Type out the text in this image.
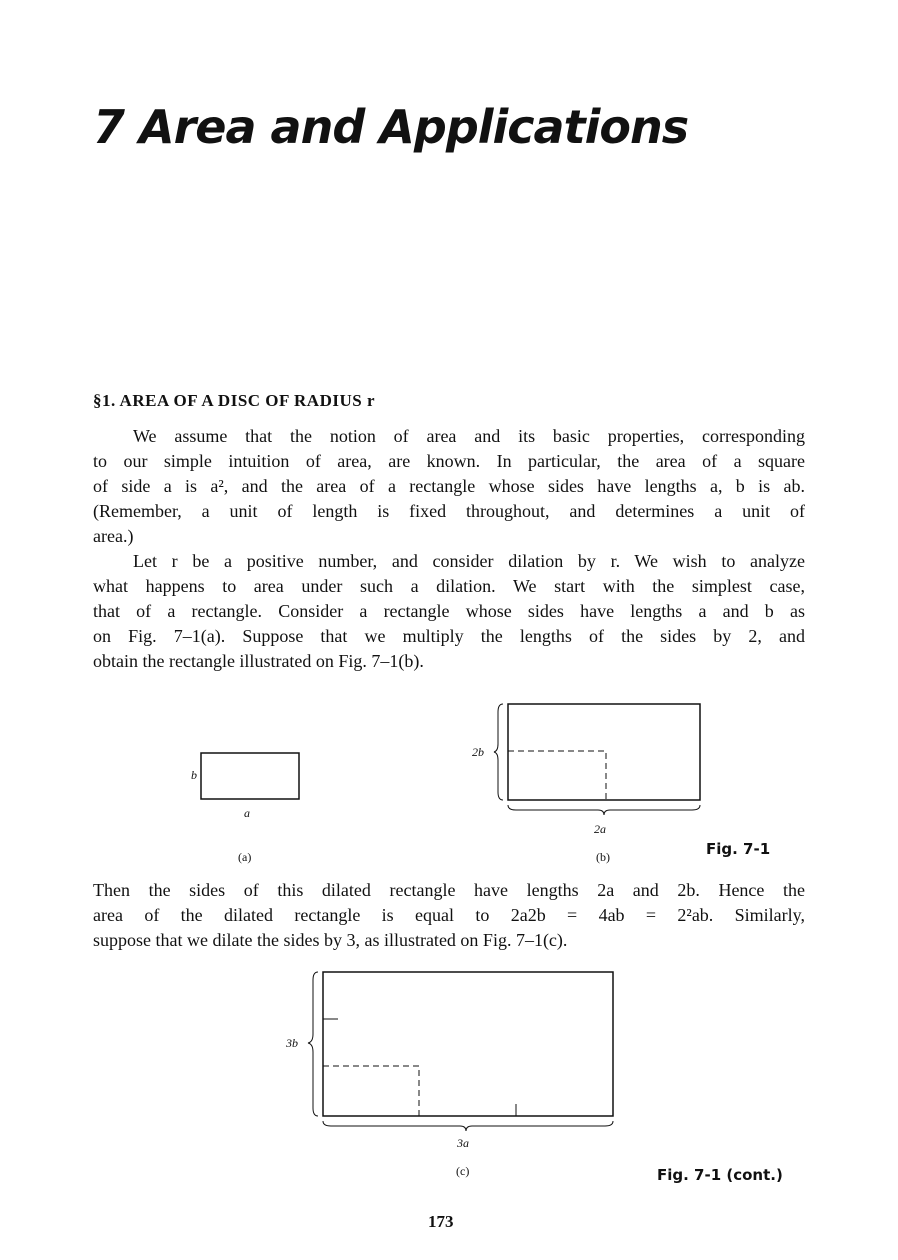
7 Area and Applications
§1. AREA OF A DISC OF RADIUS r
We assume that the notion of area and its basic properties, corresponding
to our simple intuition of area, are known. In particular, the area of a square
of side a is a², and the area of a rectangle whose sides have lengths a, b is ab.
(Remember, a unit of length is fixed throughout, and determines a unit of
area.)
Let r be a positive number, and consider dilation by r. We wish to analyze
what happens to area under such a dilation. We start with the simplest case,
that of a rectangle. Consider a rectangle whose sides have lengths a and b as
on Fig. 7–1(a). Suppose that we multiply the lengths of the sides by 2, and
obtain the rectangle illustrated on Fig. 7–1(b).
b
a
(a)
2b
2a
(b)	Fig. 7-1
Then the sides of this dilated rectangle have lengths 2a and 2b. Hence the
area of the dilated rectangle is equal to 2a2b = 4ab = 2²ab. Similarly,
suppose that we dilate the sides by 3, as illustrated on Fig. 7–1(c).
3b
3a
(c)	Fig. 7-1 (cont.)
173
